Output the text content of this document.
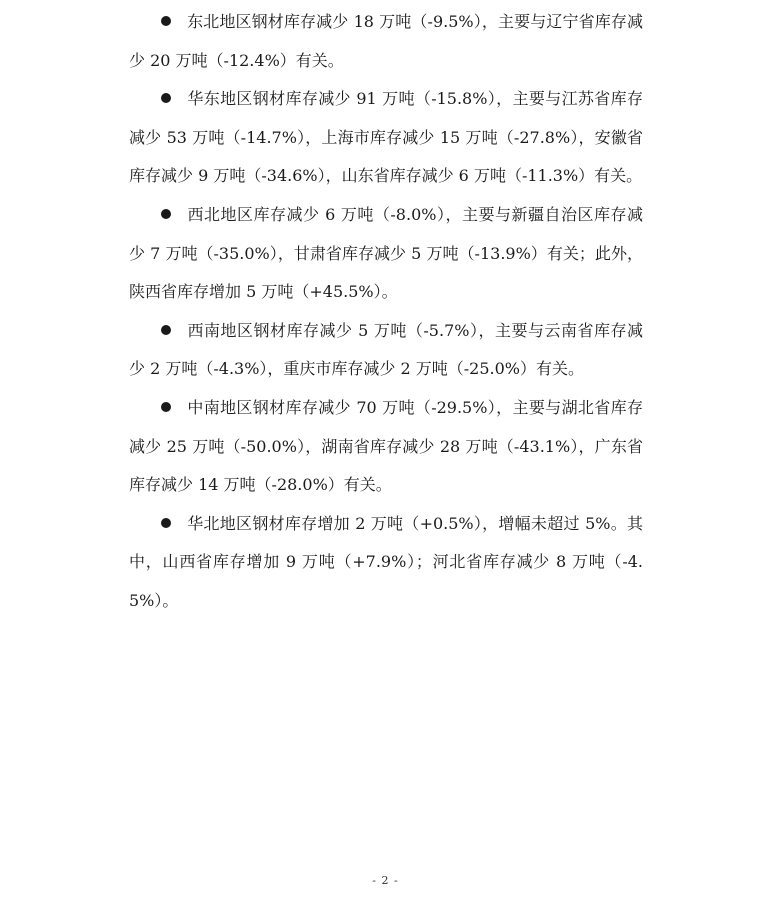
东北地区钢材库存减少 18 万吨（-9.5%），主要与辽宁省库存减少 20 万吨（-12.4%）有关。

华东地区钢材库存减少 91 万吨（-15.8%），主要与江苏省库存减少 53 万吨（-14.7%），上海市库存减少 15 万吨（-27.8%），安徽省库存减少 9 万吨（-34.6%），山东省库存减少 6 万吨（-11.3%）有关。

西北地区库存减少 6 万吨（-8.0%），主要与新疆自治区库存减少 7 万吨（-35.0%），甘肃省库存减少 5 万吨（-13.9%）有关；此外，陕西省库存增加 5 万吨（+45.5%）。

西南地区钢材库存减少 5 万吨（-5.7%），主要与云南省库存减少 2 万吨（-4.3%），重庆市库存减少 2 万吨（-25.0%）有关。

中南地区钢材库存减少 70 万吨（-29.5%），主要与湖北省库存减少 25 万吨（-50.0%），湖南省库存减少 28 万吨（-43.1%），广东省库存减少 14 万吨（-28.0%）有关。

华北地区钢材库存增加 2 万吨（+0.5%），增幅未超过 5%。其中，山西省库存增加 9 万吨（+7.9%）；河北省库存减少 8 万吨（-4.5%）。

- 2 -
